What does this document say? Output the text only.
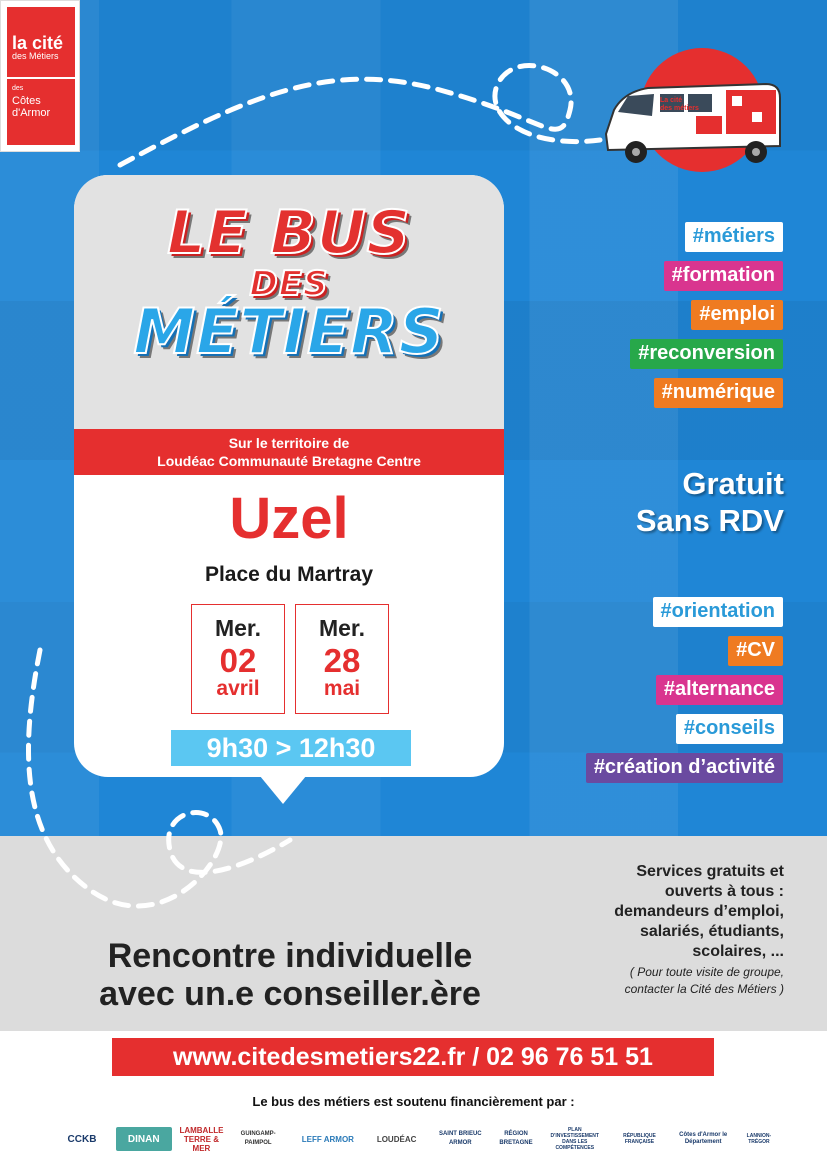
la cité
des Métiers
des
Côtes
d'Armor
La cité
des métiers
LE BUS
DES
MÉTIERS
Sur le territoire de
Loudéac Communauté Bretagne Centre
Uzel
Place du Martray
Mer.
02
avril
Mer.
28
mai
9h30 > 12h30
#métiers
#formation
#emploi
#reconversion
#numérique
Gratuit
Sans RDV
#orientation
#CV
#alternance
#conseils
#création d’activité
Services gratuits et
ouverts à tous :
demandeurs d’emploi,
salariés, étudiants,
scolaires, ...
( Pour toute visite de groupe,
contacter la Cité des Métiers )
Rencontre individuelle
avec un.e conseiller.ère
www.citedesmetiers22.fr / 02 96 76 51 51
Le bus des métiers est soutenu financièrement par :
CCKB	DINAN
LAMBALLE TERRE & MER
GUINGAMP-PAIMPOL	LEFF ARMOR	LOUDÉAC
SAINT BRIEUC ARMOR
RÉGION BRETAGNE
PLAN D'INVESTISSEMENT DANS LES COMPÉTENCES
RÉPUBLIQUE FRANÇAISE
Côtes d'Armor le Département
LANNION-TRÉGOR
